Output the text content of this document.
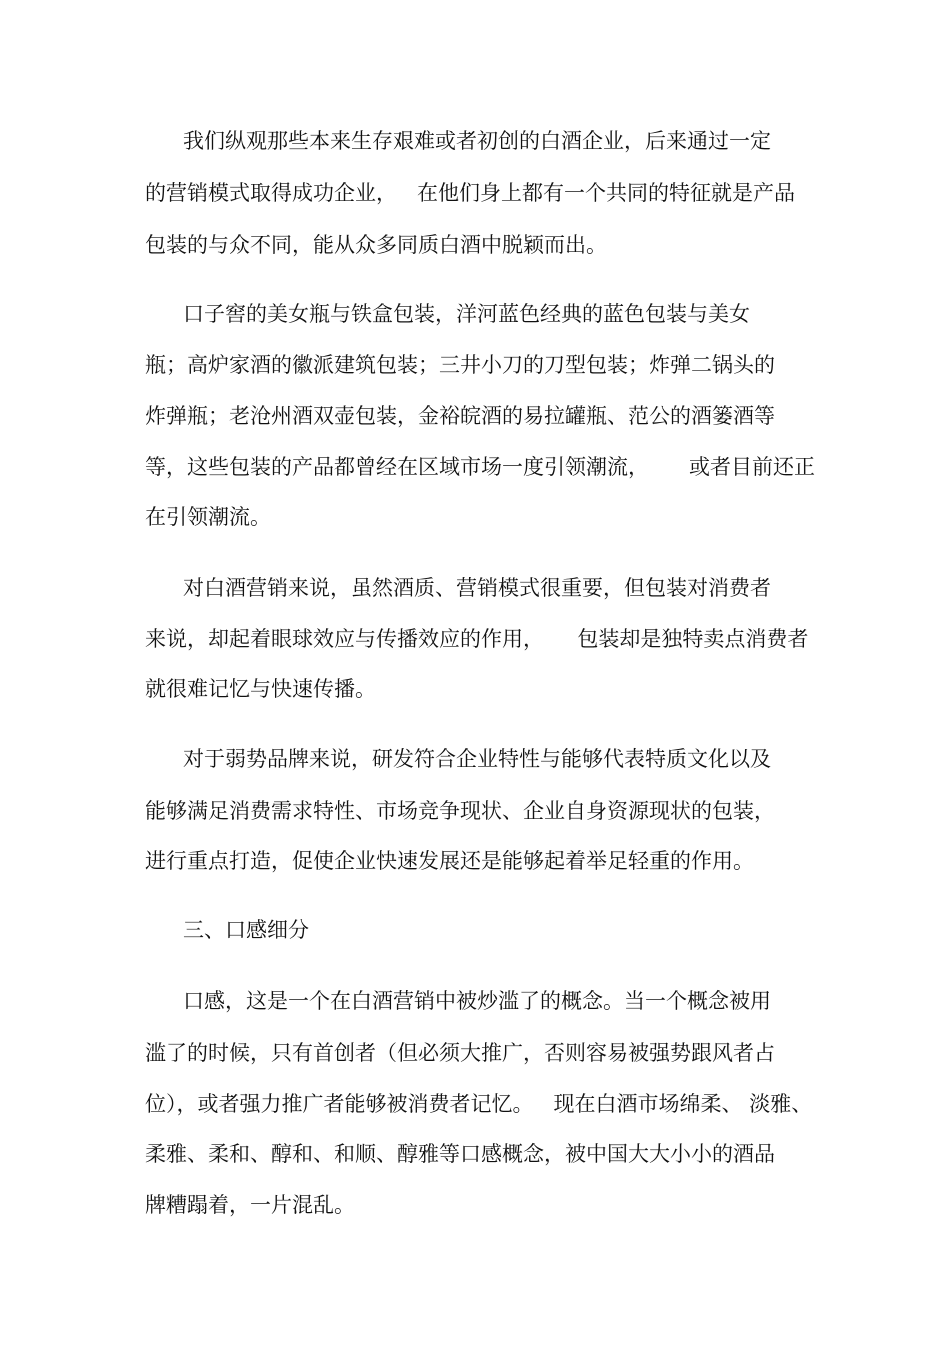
我们纵观那些本来生存艰难或者初创的白酒企业，后来通过一定
的营销模式取得成功企业，   在他们身上都有一个共同的特征就是产品
包装的与众不同，能从众多同质白酒中脱颖而出。
口子窖的美女瓶与铁盒包装，洋河蓝色经典的蓝色包装与美女
瓶；高炉家酒的徽派建筑包装；三井小刀的刀型包装；炸弹二锅头的
炸弹瓶；老沧州酒双壶包装，金裕皖酒的易拉罐瓶、范公的酒篓酒等
等，这些包装的产品都曾经在区域市场一度引领潮流，      或者目前还正
在引领潮流。
对白酒营销来说，虽然酒质、营销模式很重要，但包装对消费者
来说，却起着眼球效应与传播效应的作用，     包装却是独特卖点消费者
就很难记忆与快速传播。
对于弱势品牌来说，研发符合企业特性与能够代表特质文化以及
能够满足消费需求特性、市场竞争现状、企业自身资源现状的包装，
进行重点打造，促使企业快速发展还是能够起着举足轻重的作用。
三、口感细分
口感，这是一个在白酒营销中被炒滥了的概念。当一个概念被用
滥了的时候，只有首创者（但必须大推广，否则容易被强势跟风者占
位），或者强力推广者能够被消费者记忆。   现在白酒市场绵柔、 淡雅、
柔雅、柔和、醇和、和顺、醇雅等口感概念，被中国大大小小的酒品
牌糟蹋着，一片混乱。
